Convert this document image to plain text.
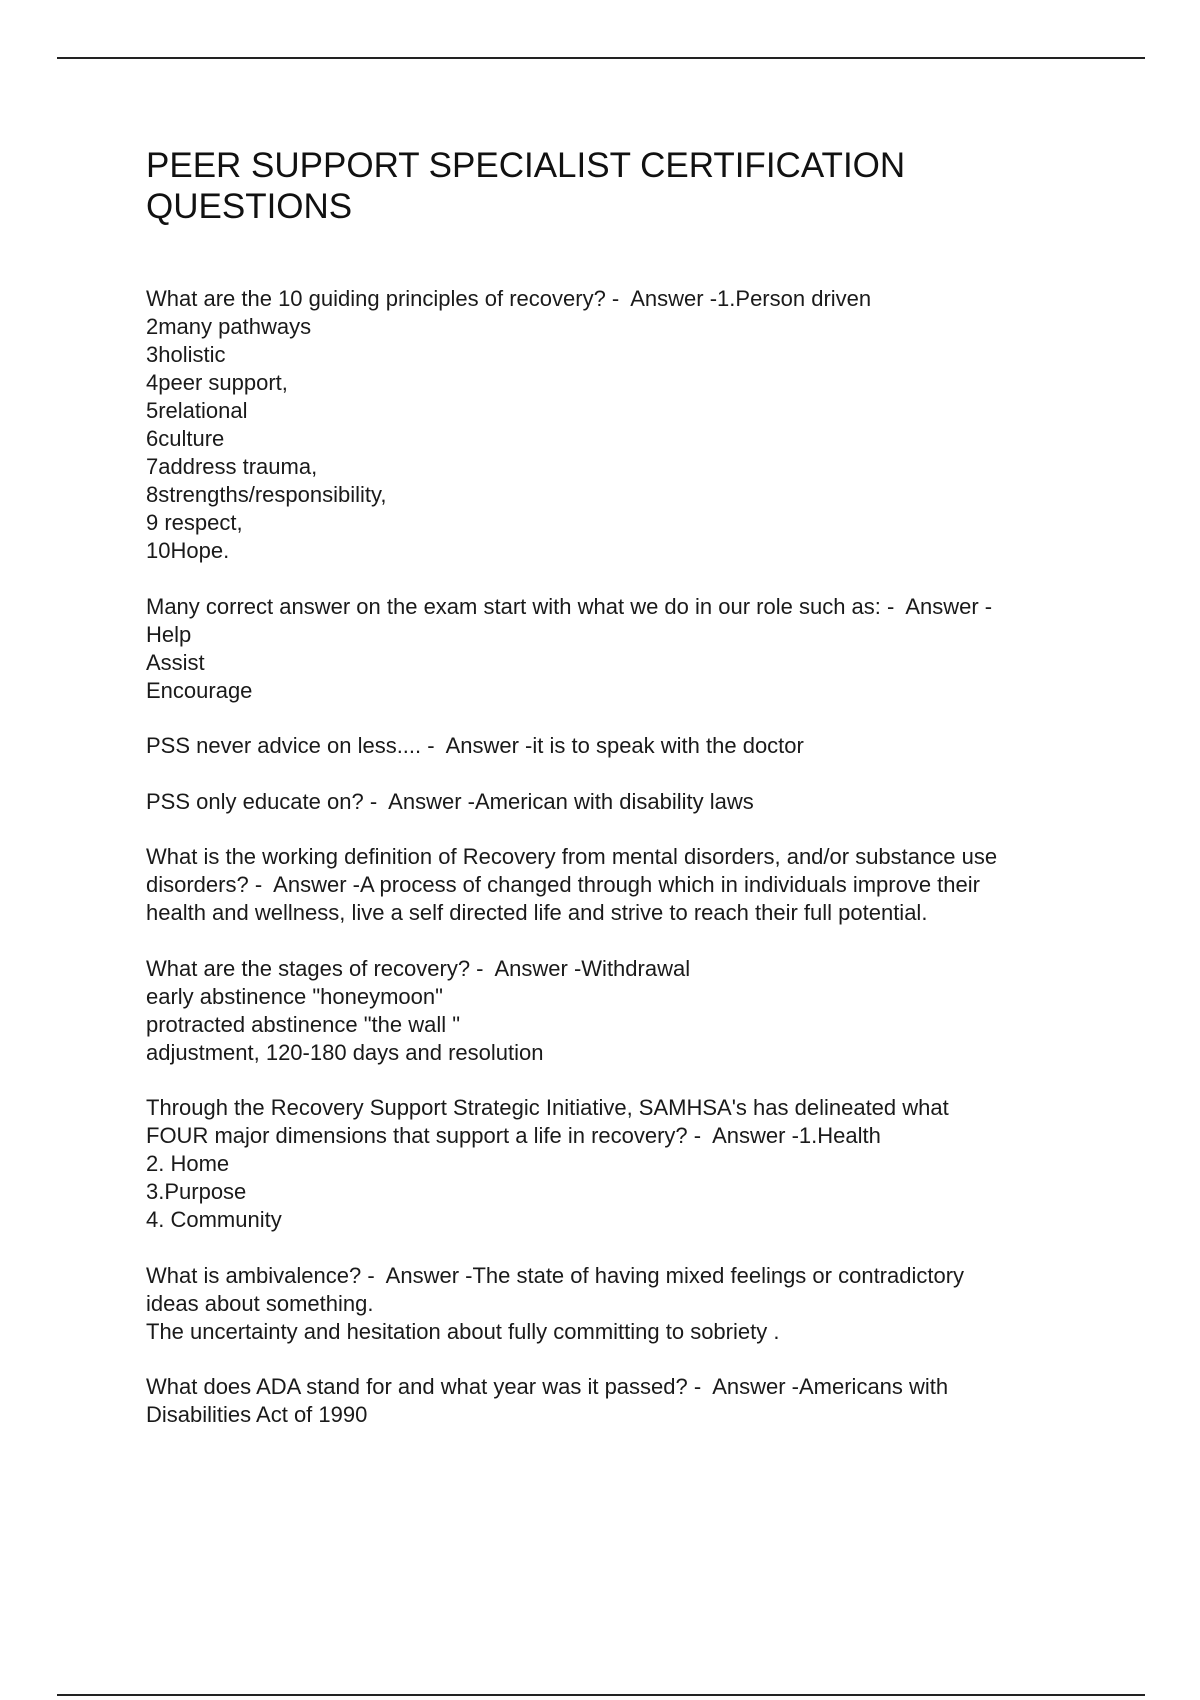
PEER SUPPORT SPECIALIST CERTIFICATION
QUESTIONS

What are the 10 guiding principles of recovery? -  Answer -1.Person driven
2many pathways
3holistic
4peer support,
5relational
6culture
7address trauma,
8strengths/responsibility,
9 respect,
10Hope.

Many correct answer on the exam start with what we do in our role such as: -  Answer -
Help
Assist
Encourage

PSS never advice on less.... -  Answer -it is to speak with the doctor

PSS only educate on? -  Answer -American with disability laws

What is the working definition of Recovery from mental disorders, and/or substance use
disorders? -  Answer -A process of changed through which in individuals improve their
health and wellness, live a self directed life and strive to reach their full potential.

What are the stages of recovery? -  Answer -Withdrawal
early abstinence "honeymoon"
protracted abstinence "the wall "
adjustment, 120-180 days and resolution

Through the Recovery Support Strategic Initiative, SAMHSA's has delineated what
FOUR major dimensions that support a life in recovery? -  Answer -1.Health
2. Home
3.Purpose
4. Community

What is ambivalence? -  Answer -The state of having mixed feelings or contradictory
ideas about something.
The uncertainty and hesitation about fully committing to sobriety .

What does ADA stand for and what year was it passed? -  Answer -Americans with
Disabilities Act of 1990
